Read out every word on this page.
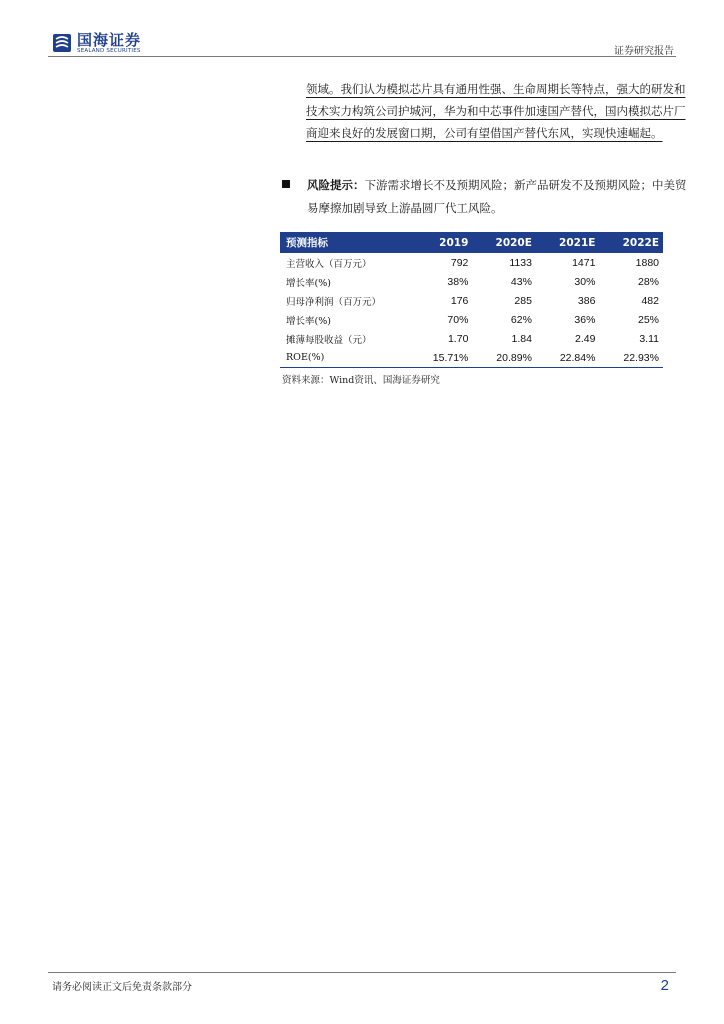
国海证券
SEALAND SECURITIES	证券研究报告
领域。我们认为模拟芯片具有通用性强、生命周期长等特点，强大的研发和技术实力构筑公司护城河，华为和中芯事件加速国产替代，国内模拟芯片厂商迎来良好的发展窗口期，公司有望借国产替代东风，实现快速崛起。
风险提示：下游需求增长不及预期风险；新产品研发不及预期风险；中美贸易摩擦加剧导致上游晶圆厂代工风险。
预测指标	2019	2020E	2021E	2022E
主营收入（百万元）	792	1133	1471	1880
增长率(%)	38%	43%	30%	28%
归母净利润（百万元）	176	285	386	482
增长率(%)	70%	62%	36%	25%
摊薄每股收益（元）	1.70	1.84	2.49	3.11
ROE(%)	15.71%	20.89%	22.84%	22.93%
资料来源：Wind资讯、国海证券研究
请务必阅读正文后免责条款部分	2
